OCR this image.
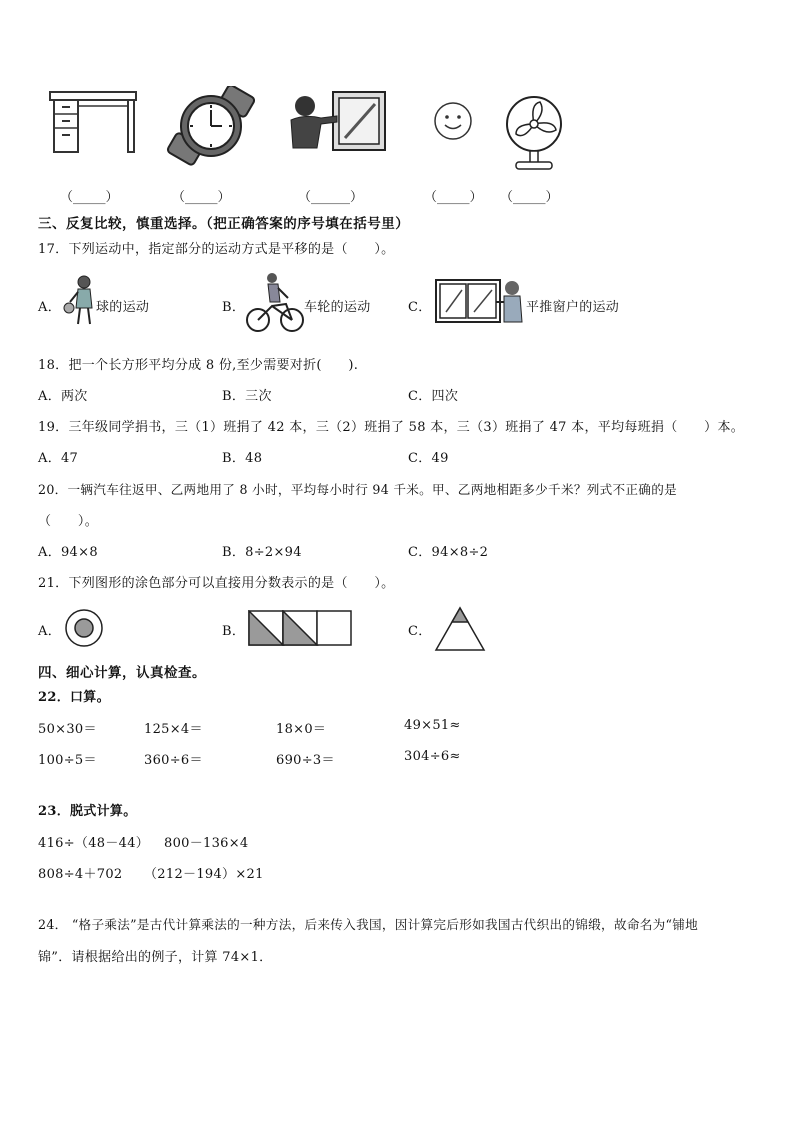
（_____）	（_____）	（______）	（_____） （_____）
三、反复比较，慎重选择。（把正确答案的序号填在括号里）
17．下列运动中，指定部分的运动方式是平移的是（　　）。
A．	球的运动	B．	车轮的运动	C．	平推窗户的运动
18．把一个长方形平均分成 8 份,至少需要对折(　　).
A．两次	B．三次	C．四次
19．三年级同学捐书，三（1）班捐了 42 本，三（2）班捐了 58 本，三（3）班捐了 47 本，平均每班捐（　　）本。
A．47	B．48	C．49
20．一辆汽车往返甲、乙两地用了 8 小时，平均每小时行 94 千米。甲、乙两地相距多少千米？列式不正确的是
（　　）。
A．94×8	B．8÷2×94	C．94×8÷2
21．下列图形的涂色部分可以直接用分数表示的是（　　）。
A．	B．	C．
四、细心计算，认真检查。
22．口算。
50×30＝	125×4＝	18×0＝	49×51≈
100÷5＝	360÷6＝	690÷3＝	304÷6≈
23．脱式计算。
416÷（48－44） 800－136×4
808÷4＋702 （212－194）×21
24． “格子乘法”是古代计算乘法的一种方法，后来传入我国，因计算完后形如我国古代织出的锦缎，故命名为“铺地
锦”．请根据给出的例子，计算 74×1．
